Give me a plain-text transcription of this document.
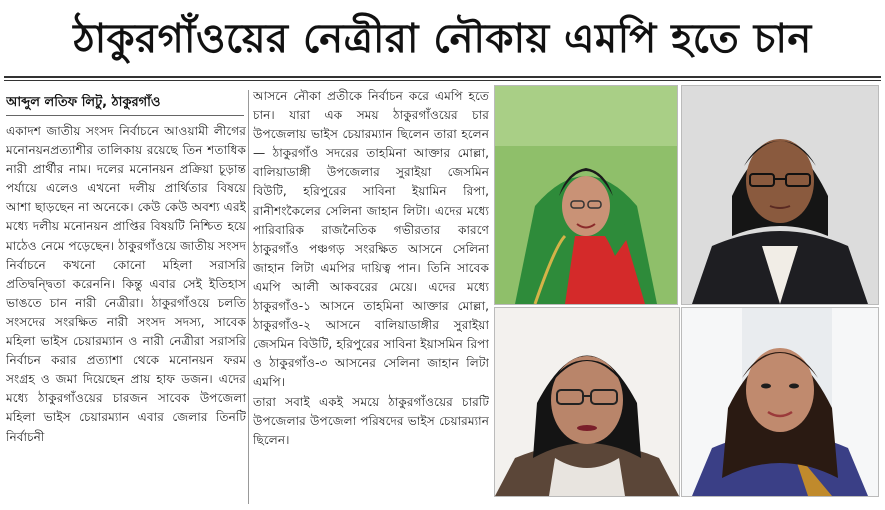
ঠাকুরগাঁওয়ের নেত্রীরা নৌকায় এমপি হতে চান
আব্দুল লতিফ লিটু, ঠাকুরগাঁও

একাদশ জাতীয় সংসদ নির্বাচনে আওয়ামী লীগের মনোনয়নপ্রত্যাশীর তালিকায় রয়েছে তিন শতাধিক নারী প্রার্থীর নাম। দলের মনোনয়ন প্রক্রিয়া চূড়ান্ত পর্যায়ে এলেও এখনো দলীয় প্রার্থিতার বিষয়ে আশা ছাড়ছেন না অনেকে। কেউ কেউ অবশ্য এরই মধ্যে দলীয় মনোনয়ন প্রাপ্তির বিষয়টি নিশ্চিত হয়ে মাঠেও নেমে পড়েছেন। ঠাকুরগাঁওয়ে জাতীয় সংসদ নির্বাচনে কখনো কোনো মহিলা সরাসরি প্রতিদ্বন্দ্বিতা করেননি। কিন্তু এবার সেই ইতিহাস ভাঙতে চান নারী নেত্রীরা। ঠাকুরগাঁওয়ে চলতি সংসদের সংরক্ষিত নারী সংসদ সদস্য, সাবেক মহিলা ভাইস চেয়ারম্যান ও নারী নেত্রীরা সরাসরি নির্বাচন করার প্রত্যাশা থেকে মনোনয়ন ফরম সংগ্রহ ও জমা দিয়েছেন প্রায় হাফ ডজন। এদের মধ্যে ঠাকুরগাঁওয়ের চারজন সাবেক উপজেলা মহিলা ভাইস চেয়ারম্যান এবার জেলার তিনটি নির্বাচনী

আসনে নৌকা প্রতীকে নির্বাচন করে এমপি হতে চান। যারা এক সময় ঠাকুরগাঁওয়ের চার উপজেলায় ভাইস চেয়ারম্যান ছিলেন তারা হলেন— ঠাকুরগাঁও সদরের তাহমিনা আক্তার মোল্লা, বালিয়াডাঙ্গী উপজেলার সুরাইয়া জেসমিন বিউটি, হরিপুরের সাবিনা ইয়ামিন রিপা, রানীশংকৈলের সেলিনা জাহান লিটা। এদের মধ্যে পারিবারিক রাজনৈতিক গভীরতার কারণে ঠাকুরগাঁও পঞ্চগড় সংরক্ষিত আসনে সেলিনা জাহান লিটা এমপির দায়িত্ব পান। তিনি সাবেক এমপি আলী আকবরের মেয়ে। এদের মধ্যে ঠাকুরগাঁও-১ আসনে তাহমিনা আক্তার মোল্লা, ঠাকুরগাঁও-২ আসনে বালিয়াডাঙ্গীর সুরাইয়া জেসমিন বিউটি, হরিপুরের সাবিনা ইয়াসমিন রিপা ও ঠাকুরগাঁও-৩ আসনের সেলিনা জাহান লিটা এমপি।

তারা সবাই একই সময়ে ঠাকুরগাঁওয়ের চারটি উপজেলার উপজেলা পরিষদের ভাইস চেয়ারম্যান ছিলেন।
